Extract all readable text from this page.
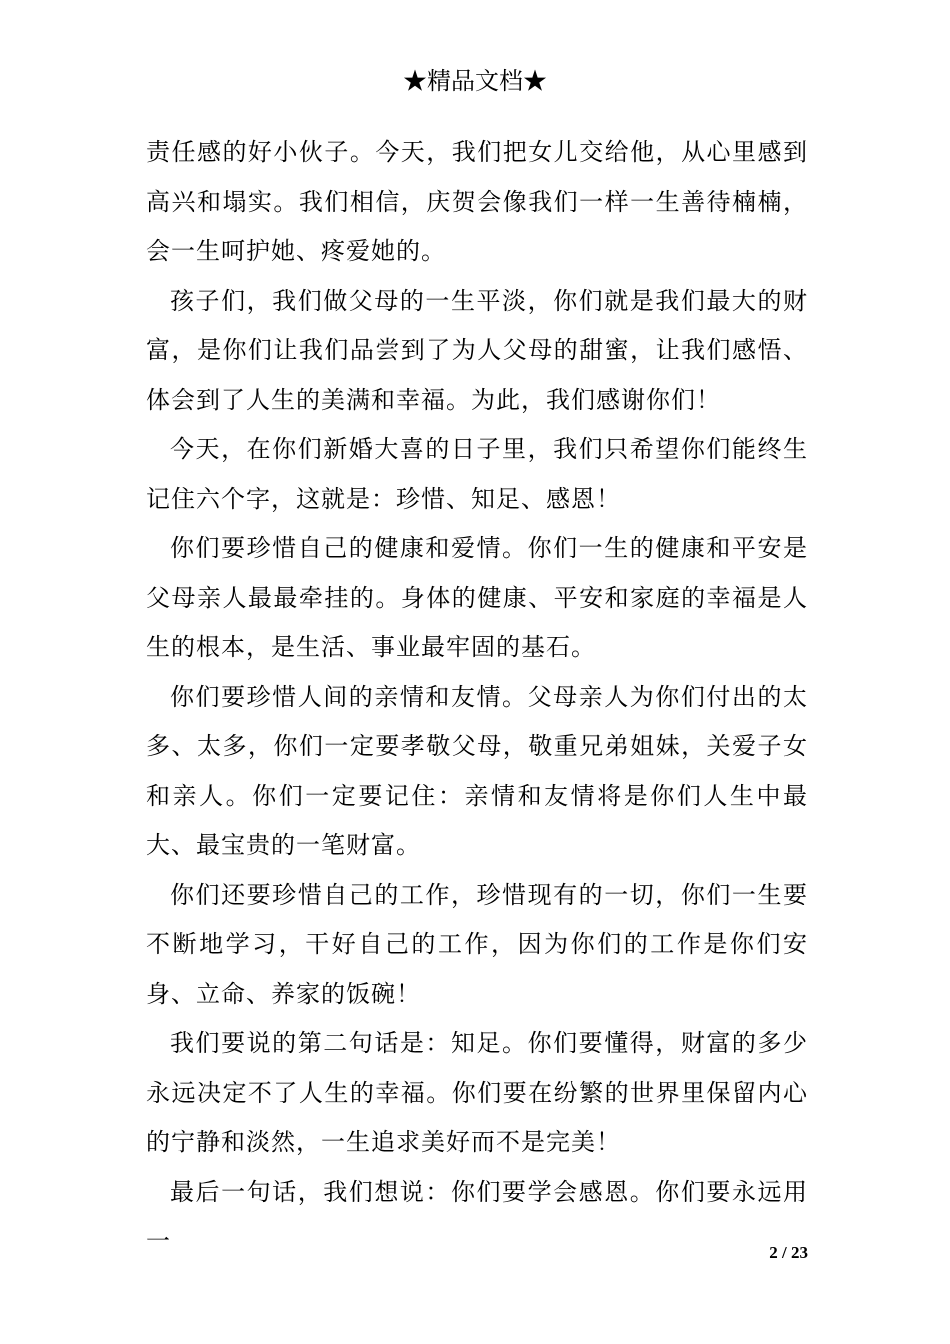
★精品文档★

责任感的好小伙子。今天，我们把女儿交给他，从心里感到高兴和塌实。我们相信，庆贺会像我们一样一生善待楠楠，会一生呵护她、疼爱她的。

孩子们，我们做父母的一生平淡，你们就是我们最大的财富，是你们让我们品尝到了为人父母的甜蜜，让我们感悟、体会到了人生的美满和幸福。为此，我们感谢你们！

今天，在你们新婚大喜的日子里，我们只希望你们能终生记住六个字，这就是：珍惜、知足、感恩！

你们要珍惜自己的健康和爱情。你们一生的健康和平安是父母亲人最最牵挂的。身体的健康、平安和家庭的幸福是人生的根本，是生活、事业最牢固的基石。

你们要珍惜人间的亲情和友情。父母亲人为你们付出的太多、太多，你们一定要孝敬父母，敬重兄弟姐妹，关爱子女和亲人。你们一定要记住：亲情和友情将是你们人生中最大、最宝贵的一笔财富。

你们还要珍惜自己的工作，珍惜现有的一切，你们一生要不断地学习，干好自己的工作，因为你们的工作是你们安身、立命、养家的饭碗！

我们要说的第二句话是：知足。你们要懂得，财富的多少永远决定不了人生的幸福。你们要在纷繁的世界里保留内心的宁静和淡然，一生追求美好而不是完美！

最后一句话，我们想说：你们要学会感恩。你们要永远用一	2 / 23
